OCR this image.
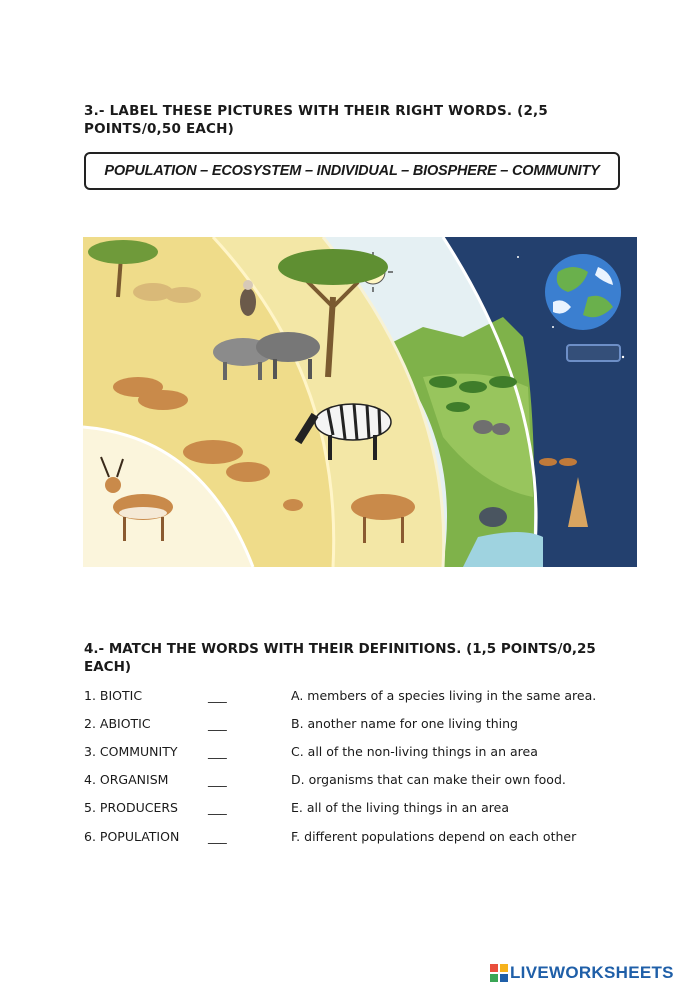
3.- LABEL THESE PICTURES WITH THEIR RIGHT WORDS. (2,5 POINTS/0,50 EACH)
POPULATION – ECOSYSTEM – INDIVIDUAL – BIOSPHERE – COMMUNITY
4.- MATCH THE WORDS WITH THEIR DEFINITIONS. (1,5 POINTS/0,25 EACH)
1. BIOTIC	___	A. members of a species living in the same area.
2. ABIOTIC	___	B. another name for one living thing
3. COMMUNITY ___	C. all of the non-living things in an area
4. ORGANISM	___	D. organisms that can make their own food.
5. PRODUCERS ___	E. all of the living things in an area
6. POPULATION ___	F. different populations depend on each other
LIVEWORKSHEETS
